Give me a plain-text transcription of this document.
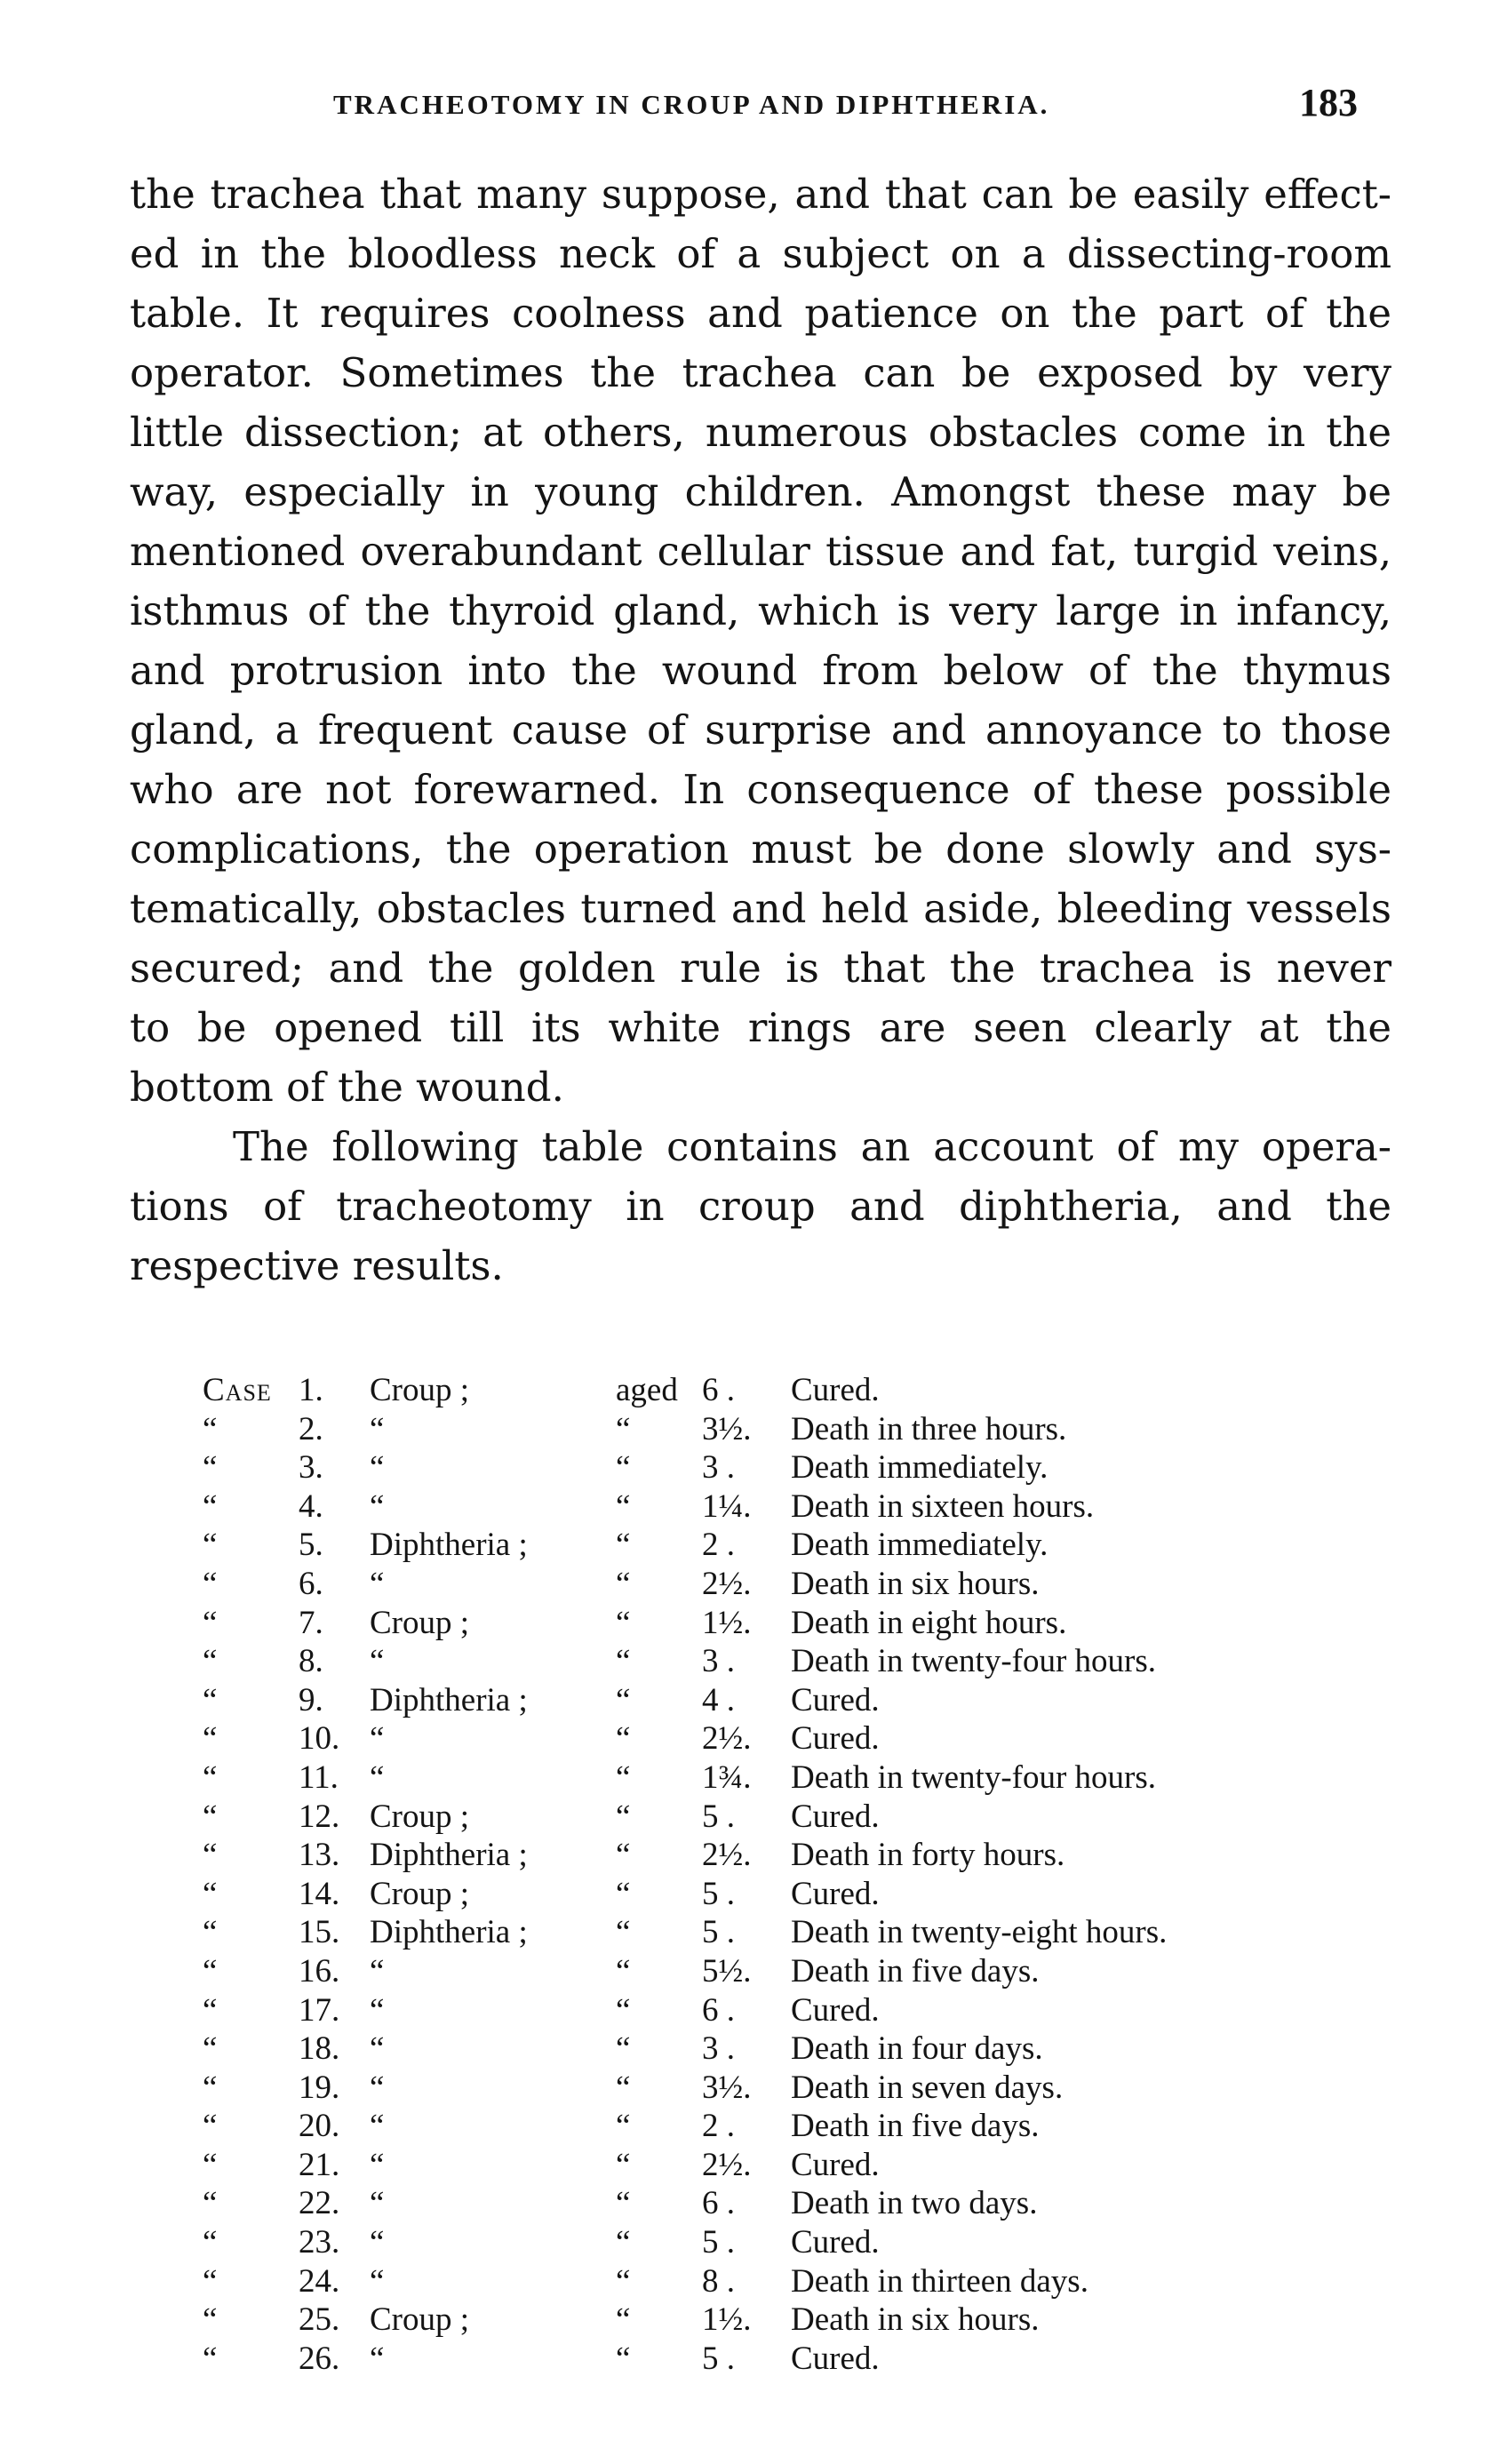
TRACHEOTOMY IN CROUP AND DIPHTHERIA.	183
the trachea that many suppose, and that can be easily effect-
ed in the bloodless neck of a subject on a dissecting-room
table. It requires coolness and patience on the part of the
operator. Sometimes the trachea can be exposed by very
little dissection; at others, numerous obstacles come in the
way, especially in young children. Amongst these may be
mentioned overabundant cellular tissue and fat, turgid veins,
isthmus of the thyroid gland, which is very large in infancy,
and protrusion into the wound from below of the thymus
gland, a frequent cause of surprise and annoyance to those
who are not forewarned. In consequence of these possible
complications, the operation must be done slowly and sys-
tematically, obstacles turned and held aside, bleeding vessels
secured; and the golden rule is that the trachea is never
to be opened till its white rings are seen clearly at the
bottom of the wound.
The following table contains an account of my opera-
tions of tracheotomy in croup and diphtheria, and the
respective results.
Case 1. Croup ;	aged 6 . Cured.
“ 2. “	“ 3½. Death in three hours.
“ 3. “	“ 3 . Death immediately.
“ 4. “	“ 1¼. Death in sixteen hours.
“ 5. Diphtheria ;	“ 2 . Death immediately.
“ 6. “	“ 2½. Death in six hours.
“ 7. Croup ;	“ 1½. Death in eight hours.
“ 8. “	“ 3 . Death in twenty-four hours.
“ 9. Diphtheria ;	“ 4 . Cured.
“ 10. “	“ 2½. Cured.
“ 11. “	“ 1¾. Death in twenty-four hours.
“ 12. Croup ;	“ 5 . Cured.
“ 13. Diphtheria ;	“ 2½. Death in forty hours.
“ 14. Croup ;	“ 5 . Cured.
“ 15. Diphtheria ;	“ 5 . Death in twenty-eight hours.
“ 16. “	“ 5½. Death in five days.
“ 17. “	“ 6 . Cured.
“ 18. “	“ 3 . Death in four days.
“ 19. “	“ 3½. Death in seven days.
“ 20. “	“ 2 . Death in five days.
“ 21. “	“ 2½. Cured.
“ 22. “	“ 6 . Death in two days.
“ 23. “	“ 5 . Cured.
“ 24. “	“ 8 . Death in thirteen days.
“ 25. Croup ;	“ 1½. Death in six hours.
“ 26. “	“ 5 . Cured.
